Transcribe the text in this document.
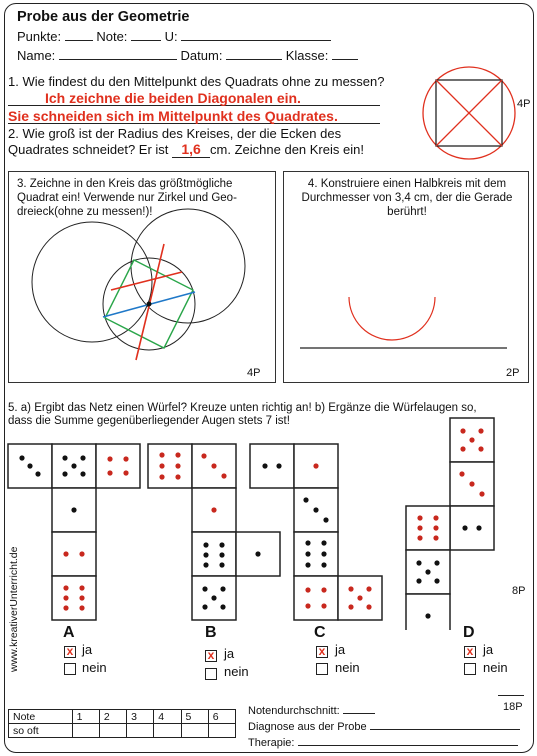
Probe aus der Geometrie
Punkte:	Note:	U:
Name:	Datum:	Klasse:
1. Wie findest du den Mittelpunkt des Quadrats ohne zu messen?
Ich zeichne die beiden Diagonalen ein.
Sie schneiden sich im Mittelpunkt des Quadrates.
2. Wie groß ist der Radius des Kreises, der die Ecken des
Quadrates schneidet? Er ist 1,6 cm. Zeichne den Kreis ein!
4P
3. Zeichne in den Kreis das größtmögliche
Quadrat ein! Verwende nur Zirkel und Geo-
dreieck(ohne zu messen!)!
4P
4. Konstruiere einen Halbkreis mit dem
Durchmesser von 3,4 cm, der die Gerade
berührt!
2P
5. a) Ergibt das Netz einen Würfel? Kreuze unten richtig an! b) Ergänze die Würfelaugen so,
dass die Summe gegenüberliegender Augen stets 7 ist!
8P
A
x ja
nein
B
x ja
nein
C
x ja
nein
D
x ja
nein
www.kreativerUnterricht.de
18P
Note	1	2	3	4	5	6
so oft						
Notendurchschnitt:
Diagnose aus der Probe
Therapie:
